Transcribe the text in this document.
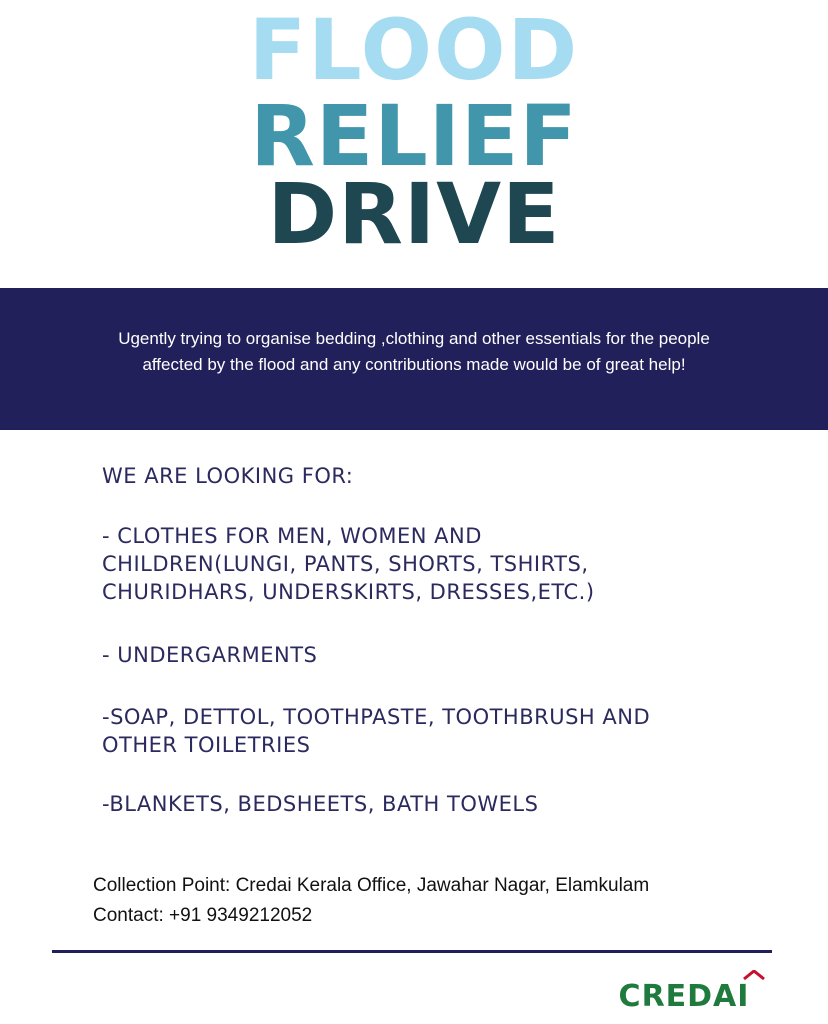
FLOOD
RELIEF
DRIVE
Ugently trying to organise bedding ,clothing and other essentials for the people
affected by the flood and any contributions made would be of great help!
WE ARE LOOKING FOR:
- CLOTHES FOR MEN, WOMEN AND
CHILDREN(LUNGI, PANTS, SHORTS, TSHIRTS,
CHURIDHARS, UNDERSKIRTS, DRESSES,ETC.)
- UNDERGARMENTS
-SOAP, DETTOL, TOOTHPASTE, TOOTHBRUSH AND
OTHER TOILETRIES
-BLANKETS, BEDSHEETS, BATH TOWELS
Collection Point: Credai Kerala Office, Jawahar Nagar, Elamkulam
Contact: +91 9349212052
CREDAI
